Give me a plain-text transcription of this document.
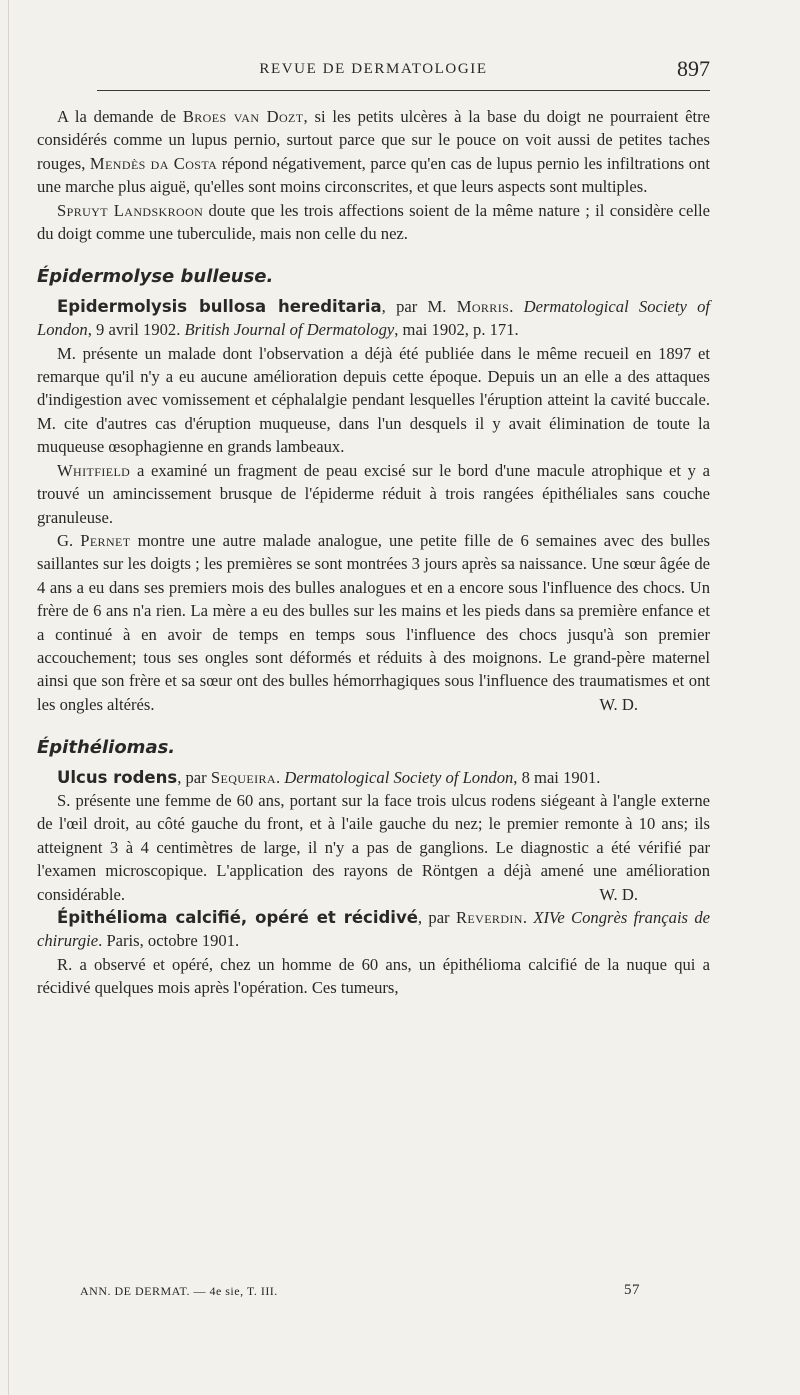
REVUE DE DERMATOLOGIE	897

A la demande de Broes van Dozt, si les petits ulcères à la base du doigt ne pourraient être considérés comme un lupus pernio, surtout parce que sur le pouce on voit aussi de petites taches rouges, Mendès da Costa répond négativement, parce qu'en cas de lupus pernio les infiltrations ont une marche plus aiguë, qu'elles sont moins circonscrites, et que leurs aspects sont multiples.

Spruyt Landskroon doute que les trois affections soient de la même nature ; il considère celle du doigt comme une tuberculide, mais non celle du nez.

Épidermolyse bulleuse.

Epidermolysis bullosa hereditaria, par M. Morris. Dermatological Society of London, 9 avril 1902. British Journal of Dermatology, mai 1902, p. 171.

M. présente un malade dont l'observation a déjà été publiée dans le même recueil en 1897 et remarque qu'il n'y a eu aucune amélioration depuis cette époque. Depuis un an elle a des attaques d'indigestion avec vomissement et céphalalgie pendant lesquelles l'éruption atteint la cavité buccale. M. cite d'autres cas d'éruption muqueuse, dans l'un desquels il y avait élimination de toute la muqueuse œsophagienne en grands lambeaux.

Whitfield a examiné un fragment de peau excisé sur le bord d'une macule atrophique et y a trouvé un amincissement brusque de l'épiderme réduit à trois rangées épithéliales sans couche granuleuse.

G. Pernet montre une autre malade analogue, une petite fille de 6 semaines avec des bulles saillantes sur les doigts ; les premières se sont montrées 3 jours après sa naissance. Une sœur âgée de 4 ans a eu dans ses premiers mois des bulles analogues et en a encore sous l'influence des chocs. Un frère de 6 ans n'a rien. La mère a eu des bulles sur les mains et les pieds dans sa première enfance et a continué à en avoir de temps en temps sous l'influence des chocs jusqu'à son premier accouchement; tous ses ongles sont déformés et réduits à des moignons. Le grand-père maternel ainsi que son frère et sa sœur ont des bulles hémorrhagiques sous l'influence des traumatismes et ont les ongles altérés.	W. D.

Épithéliomas.

Ulcus rodens, par Sequeira. Dermatological Society of London, 8 mai 1901.

S. présente une femme de 60 ans, portant sur la face trois ulcus rodens siégeant à l'angle externe de l'œil droit, au côté gauche du front, et à l'aile gauche du nez; le premier remonte à 10 ans; ils atteignent 3 à 4 centimètres de large, il n'y a pas de ganglions. Le diagnostic a été vérifié par l'examen microscopique. L'application des rayons de Röntgen a déjà amené une amélioration considérable.	W. D.

Épithélioma calcifié, opéré et récidivé, par Reverdin. XIVe Congrès français de chirurgie. Paris, octobre 1901.

R. a observé et opéré, chez un homme de 60 ans, un épithélioma calcifié de la nuque qui a récidivé quelques mois après l'opération. Ces tumeurs,

ANN. DE DERMAT. — 4e sie, T. III.	57
